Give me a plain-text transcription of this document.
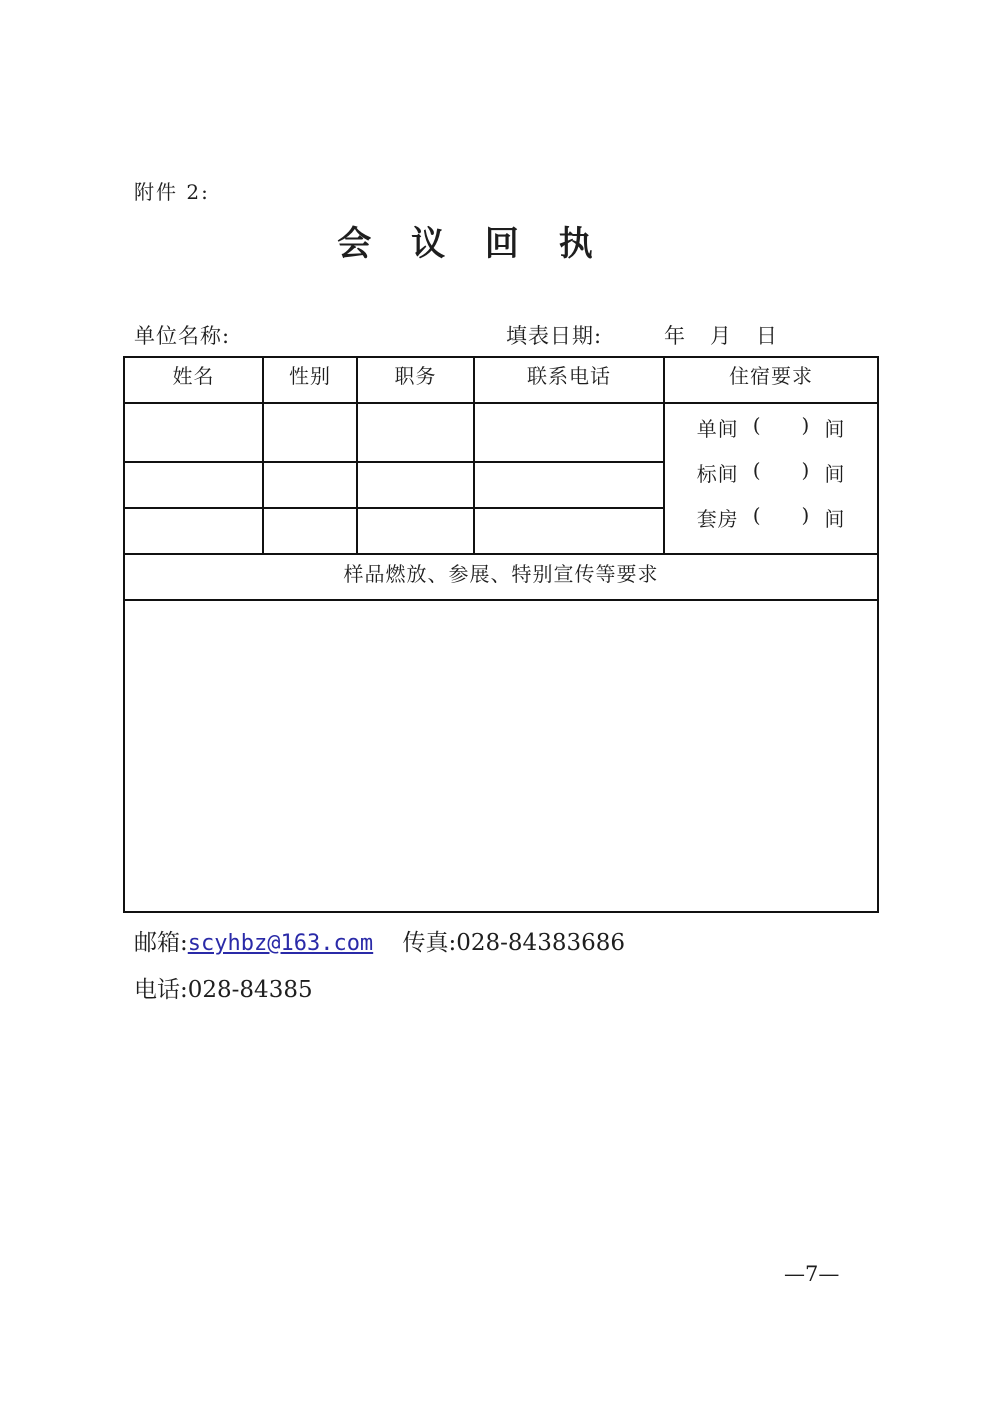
附件 2:
会 议 回 执
单位名称:	填表日期:	年 月 日
姓名	性别	职务	联系电话	住宿要求
单间 ( ) 间
标间 ( ) 间
套房 ( ) 间
样品燃放、参展、特别宣传等要求
邮箱:scyhbz@163.com 传真:028-84383686
电话:028-84385
—7—
